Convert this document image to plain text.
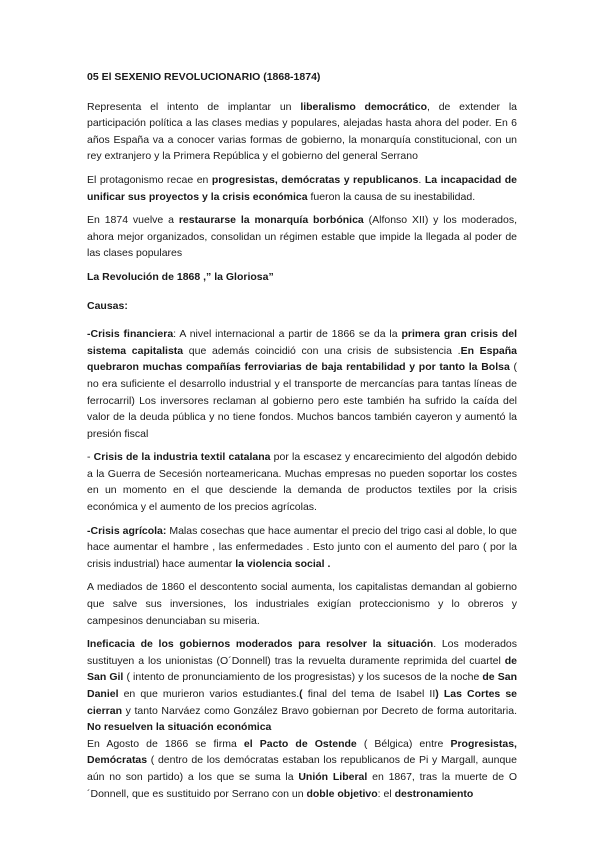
05 El SEXENIO REVOLUCIONARIO (1868-1874)

Representa el intento de implantar un liberalismo democrático, de extender la participación política a las clases medias y populares, alejadas hasta ahora del poder. En 6 años España va a conocer varias formas de gobierno, la monarquía constitucional, con un rey extranjero y la Primera República y el gobierno del general Serrano

El protagonismo recae en progresistas, demócratas y republicanos. La incapacidad de unificar sus proyectos y la crisis económica fueron la causa de su inestabilidad.

En 1874 vuelve a restaurarse la monarquía borbónica (Alfonso XII) y los moderados, ahora mejor organizados, consolidan un régimen estable que impide la llegada al poder de las clases populares

La Revolución de 1868 ,” la Gloriosa”

Causas:

-Crisis financiera: A nivel internacional a partir de 1866 se da la primera gran crisis del sistema capitalista que además coincidió con una crisis de subsistencia .En España quebraron muchas compañías ferroviarias de baja rentabilidad y por tanto la Bolsa ( no era suficiente el desarrollo industrial y el transporte de mercancías para tantas líneas de ferrocarril) Los inversores reclaman al gobierno pero este también ha sufrido la caída del valor de la deuda pública y no tiene fondos. Muchos bancos también cayeron y aumentó la presión fiscal

- Crisis de la industria textil catalana por la escasez y encarecimiento del algodón debido a la Guerra de Secesión norteamericana. Muchas empresas no pueden soportar los costes en un momento en el que desciende la demanda de productos textiles por la crisis económica y el aumento de los precios agrícolas.

-Crisis agrícola: Malas cosechas que hace aumentar el precio del trigo casi al doble, lo que hace aumentar el hambre , las enfermedades . Esto junto con el aumento del paro ( por la crisis industrial) hace aumentar la violencia social .

A mediados de 1860 el descontento social aumenta, los capitalistas demandan al gobierno que salve sus inversiones, los industriales exigían proteccionismo y lo obreros y campesinos denunciaban su miseria.

Ineficacia de los gobiernos moderados para resolver la situación. Los moderados sustituyen a los unionistas (O´Donnell) tras la revuelta duramente reprimida del cuartel de San Gil ( intento de pronunciamiento de los progresistas) y los sucesos de la noche de San Daniel en que murieron varios estudiantes.( final del tema de Isabel II) Las Cortes se cierran y tanto Narváez como González Bravo gobiernan por Decreto de forma autoritaria. No resuelven la situación económica

En Agosto de 1866 se firma el Pacto de Ostende ( Bélgica) entre Progresistas, Demócratas ( dentro de los demócratas estaban los republicanos de Pi y Margall, aunque aún no son partido) a los que se suma la Unión Liberal en 1867, tras la muerte de O´Donnell, que es sustituido por Serrano con un doble objetivo: el destronamiento
